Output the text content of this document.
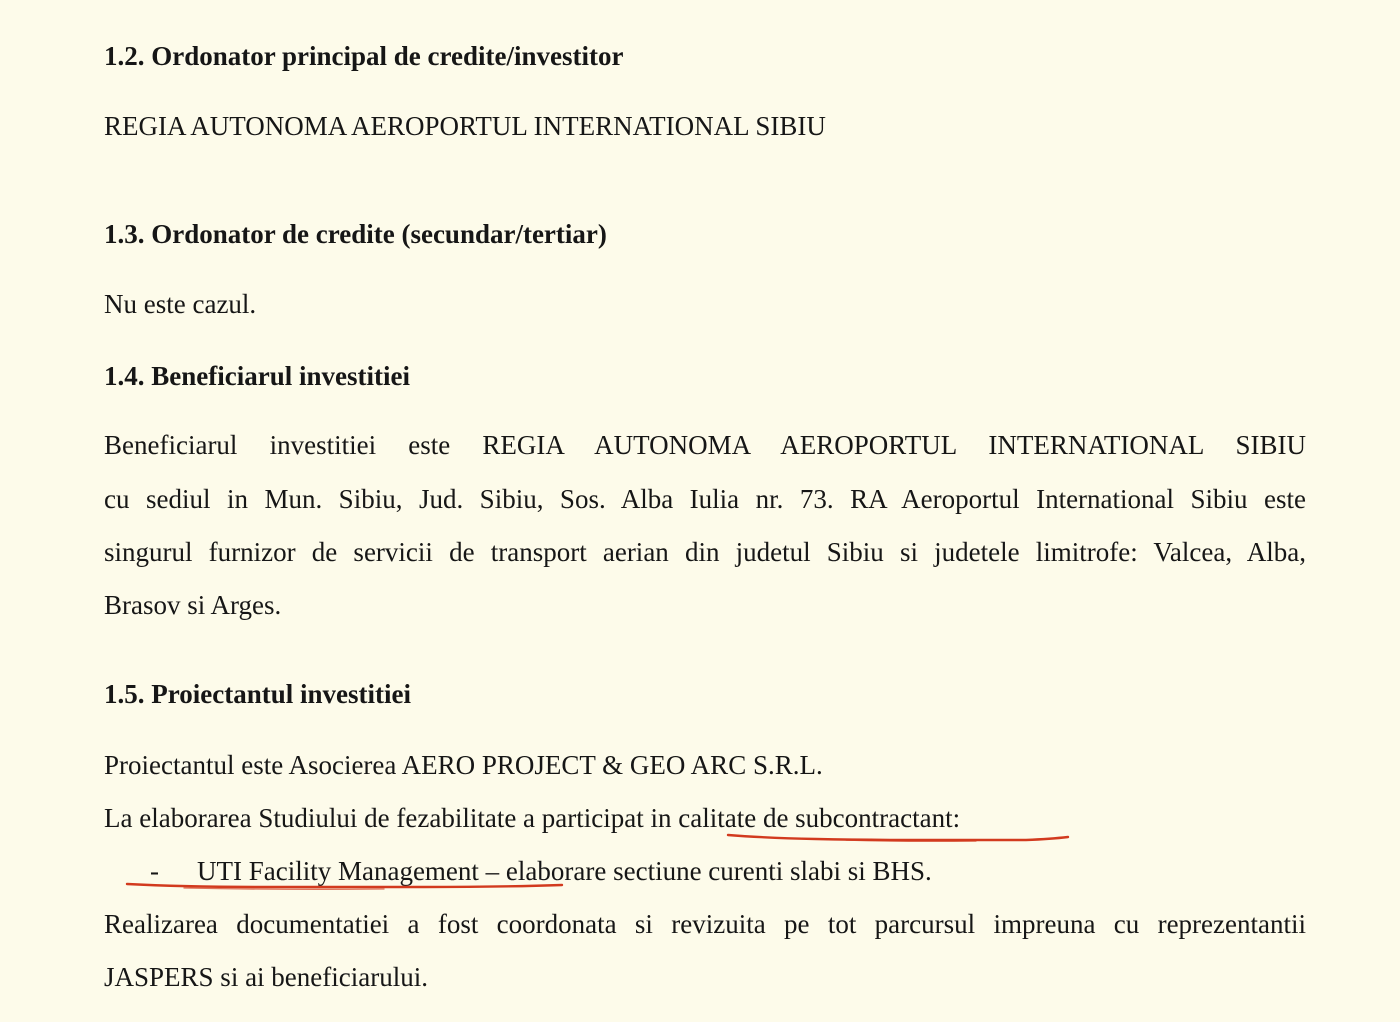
1.2. Ordonator principal de credite/investitor

REGIA AUTONOMA AEROPORTUL INTERNATIONAL SIBIU

1.3. Ordonator de credite (secundar/tertiar)

Nu este cazul.

1.4. Beneficiarul investitiei

Beneficiarul investitiei este REGIA AUTONOMA AEROPORTUL INTERNATIONAL SIBIU

cu sediul in Mun. Sibiu, Jud. Sibiu, Sos. Alba Iulia nr. 73. RA Aeroportul International Sibiu este

singurul furnizor de servicii de transport aerian din judetul Sibiu si judetele limitrofe: Valcea, Alba,

Brasov si Arges.

1.5. Proiectantul investitiei

Proiectantul este Asocierea AERO PROJECT & GEO ARC S.R.L.

La elaborarea Studiului de fezabilitate a participat in calitate de subcontractant:

- UTI Facility Management – elaborare sectiune curenti slabi si BHS.

Realizarea documentatiei a fost coordonata si revizuita pe tot parcursul impreuna cu reprezentantii

JASPERS si ai beneficiarului.
